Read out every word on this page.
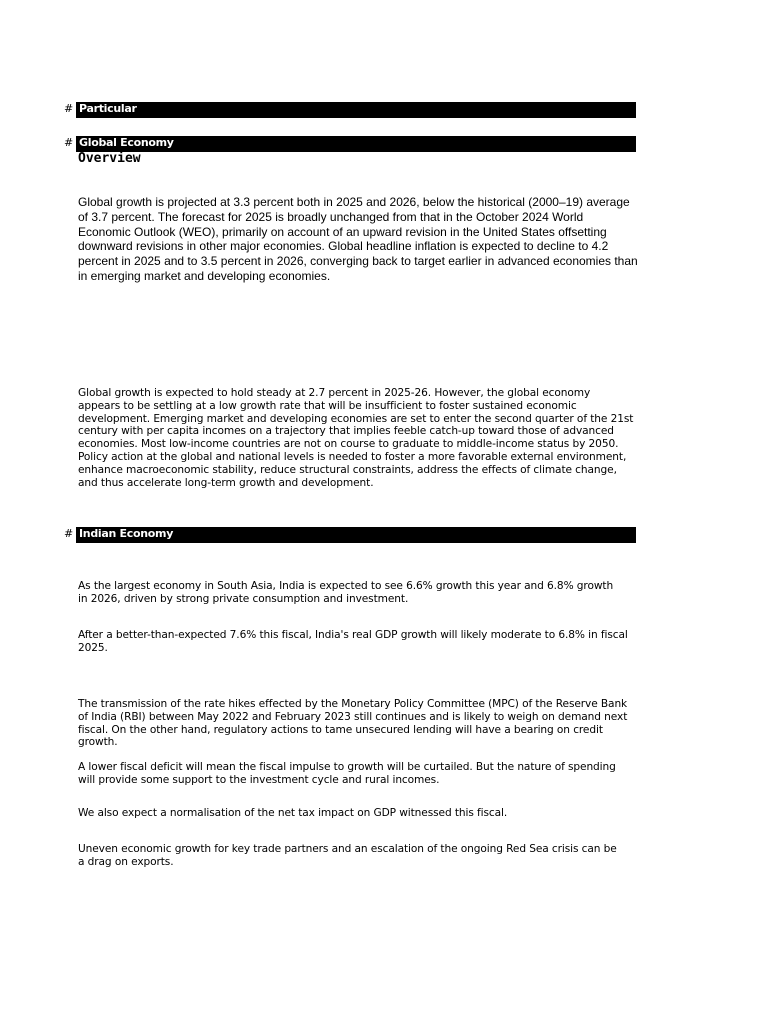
# Particular
# Global Economy
Overview

Global growth is projected at 3.3 percent both in 2025 and 2026, below the historical (2000–19) average of 3.7 percent. The forecast for 2025 is broadly unchanged from that in the October 2024 World Economic Outlook (WEO), primarily on account of an upward revision in the United States offsetting downward revisions in other major economies. Global headline inflation is expected to decline to 4.2 percent in 2025 and to 3.5 percent in 2026, converging back to target earlier in advanced economies than in emerging market and developing economies.

Global growth is expected to hold steady at 2.7 percent in 2025-26. However, the global economy appears to be settling at a low growth rate that will be insufficient to foster sustained economic development. Emerging market and developing economies are set to enter the second quarter of the 21st century with per capita incomes on a trajectory that implies feeble catch-up toward those of advanced economies. Most low-income countries are not on course to graduate to middle-income status by 2050. Policy action at the global and national levels is needed to foster a more favorable external environment, enhance macroeconomic stability, reduce structural constraints, address the effects of climate change, and thus accelerate long-term growth and development.

# Indian Economy

As the largest economy in South Asia, India is expected to see 6.6% growth this year and 6.8% growth in 2026, driven by strong private consumption and investment.

After a better-than-expected 7.6% this fiscal, India's real GDP growth will likely moderate to 6.8% in fiscal 2025.

The transmission of the rate hikes effected by the Monetary Policy Committee (MPC) of the Reserve Bank of India (RBI) between May 2022 and February 2023 still continues and is likely to weigh on demand next fiscal. On the other hand, regulatory actions to tame unsecured lending will have a bearing on credit growth.

A lower fiscal deficit will mean the fiscal impulse to growth will be curtailed. But the nature of spending will provide some support to the investment cycle and rural incomes.

We also expect a normalisation of the net tax impact on GDP witnessed this fiscal.

Uneven economic growth for key trade partners and an escalation of the ongoing Red Sea crisis can be a drag on exports.
